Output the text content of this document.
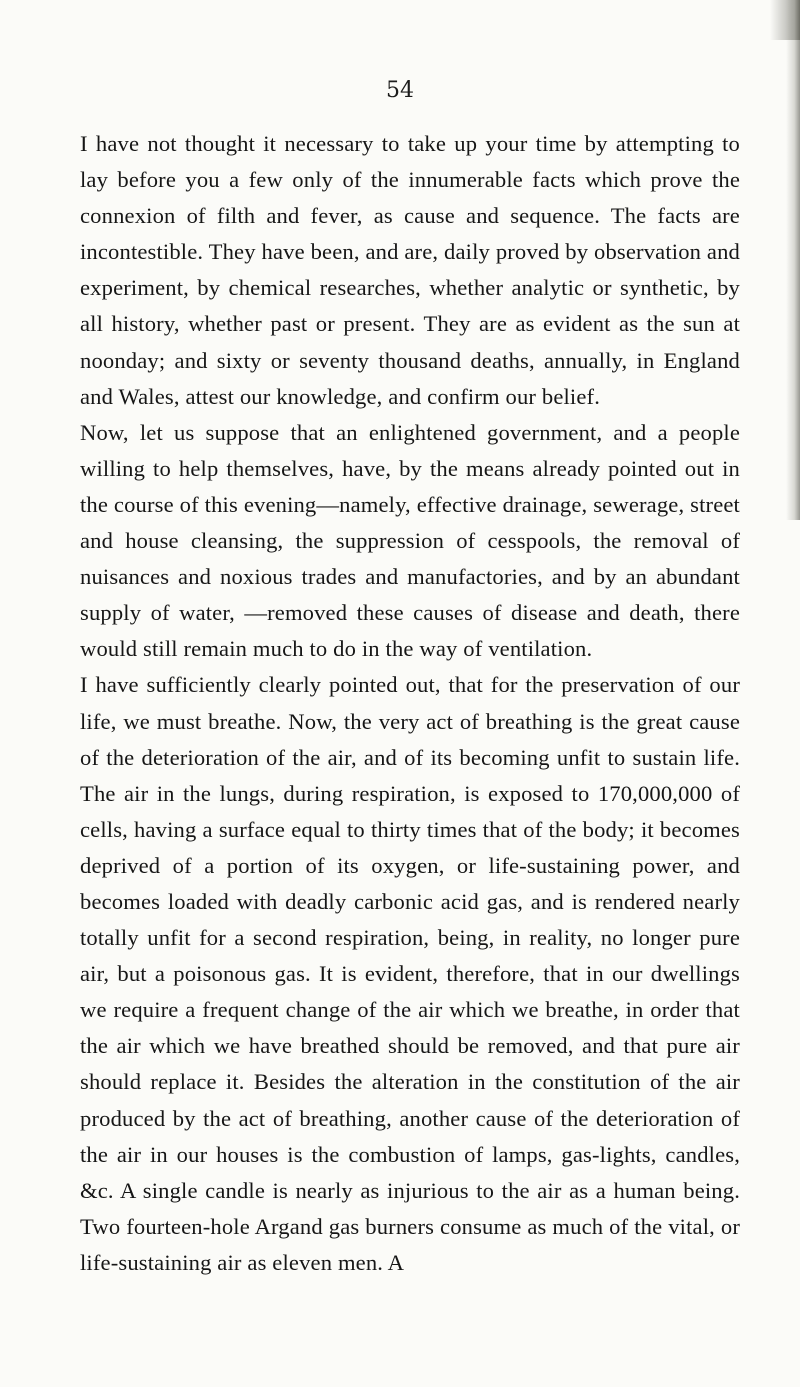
54

I have not thought it necessary to take up your time by attempting to lay before you a few only of the innumerable facts which prove the connexion of filth and fever, as cause and sequence. The facts are incontestible. They have been, and are, daily proved by observation and experiment, by chemical researches, whether analytic or synthetic, by all history, whether past or present. They are as evident as the sun at noonday; and sixty or seventy thousand deaths, annually, in England and Wales, attest our knowledge, and confirm our belief.

Now, let us suppose that an enlightened government, and a people willing to help themselves, have, by the means already pointed out in the course of this evening—namely, effective drainage, sewerage, street and house cleansing, the suppression of cesspools, the removal of nuisances and noxious trades and manufactories, and by an abundant supply of water, —removed these causes of disease and death, there would still remain much to do in the way of ventilation.

I have sufficiently clearly pointed out, that for the preservation of our life, we must breathe. Now, the very act of breathing is the great cause of the deterioration of the air, and of its becoming unfit to sustain life. The air in the lungs, during respiration, is exposed to 170,000,000 of cells, having a surface equal to thirty times that of the body; it becomes deprived of a portion of its oxygen, or life-sustaining power, and becomes loaded with deadly carbonic acid gas, and is rendered nearly totally unfit for a second respiration, being, in reality, no longer pure air, but a poisonous gas. It is evident, therefore, that in our dwellings we require a frequent change of the air which we breathe, in order that the air which we have breathed should be removed, and that pure air should replace it. Besides the alteration in the constitution of the air produced by the act of breathing, another cause of the deterioration of the air in our houses is the combustion of lamps, gas-lights, candles, &c. A single candle is nearly as injurious to the air as a human being. Two fourteen-hole Argand gas burners consume as much of the vital, or life-sustaining air as eleven men. A
